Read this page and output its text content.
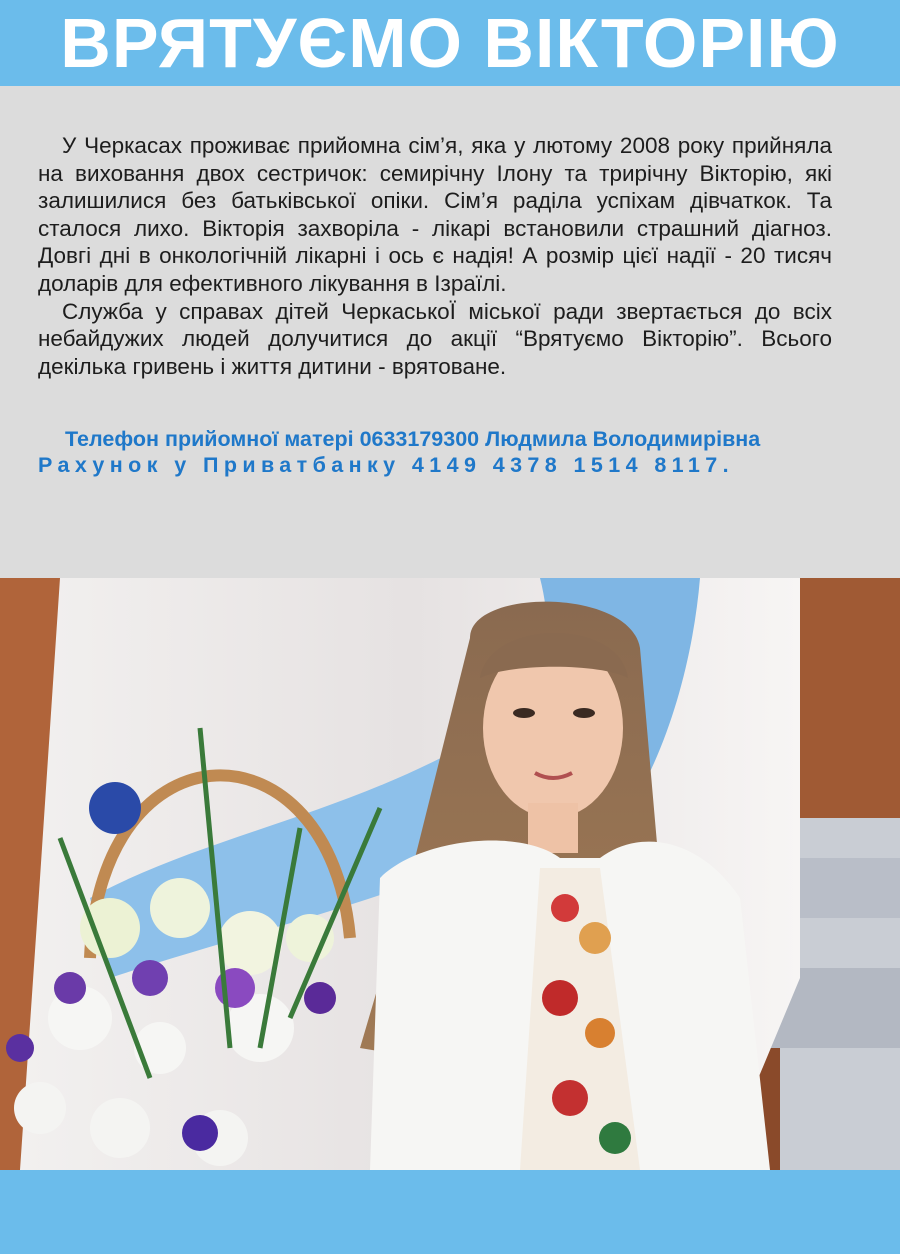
ВРЯТУЄМО ВІКТОРІЮ

У Черкасах проживає прийомна сім’я, яка у лютому 2008 року прийняла на виховання двох сестричок: семирічну Ілону та трирічну Вікторію, які залишилися без батьківської опіки. Сім’я раділа успіхам дівчаткок. Та сталося лихо. Вікторія захворіла - лікарі встановили страшний діагноз. Довгі дні в онкологічній лікарні і ось є надія! А розмір цієї надії - 20 тисяч доларів для ефективного лікування в Ізраїлі.

Служба у справах дітей ЧеркаськоЇ міської ради звертається до всіх небайдужих людей долучитися до акції “Врятуємо Вікторію”. Всього декілька гривень і життя дитини - врятоване.

Телефон прийомної матері 0633179300 Людмила Володимирівна
Рахунок у Приватбанку 4149 4378 1514 8117.
